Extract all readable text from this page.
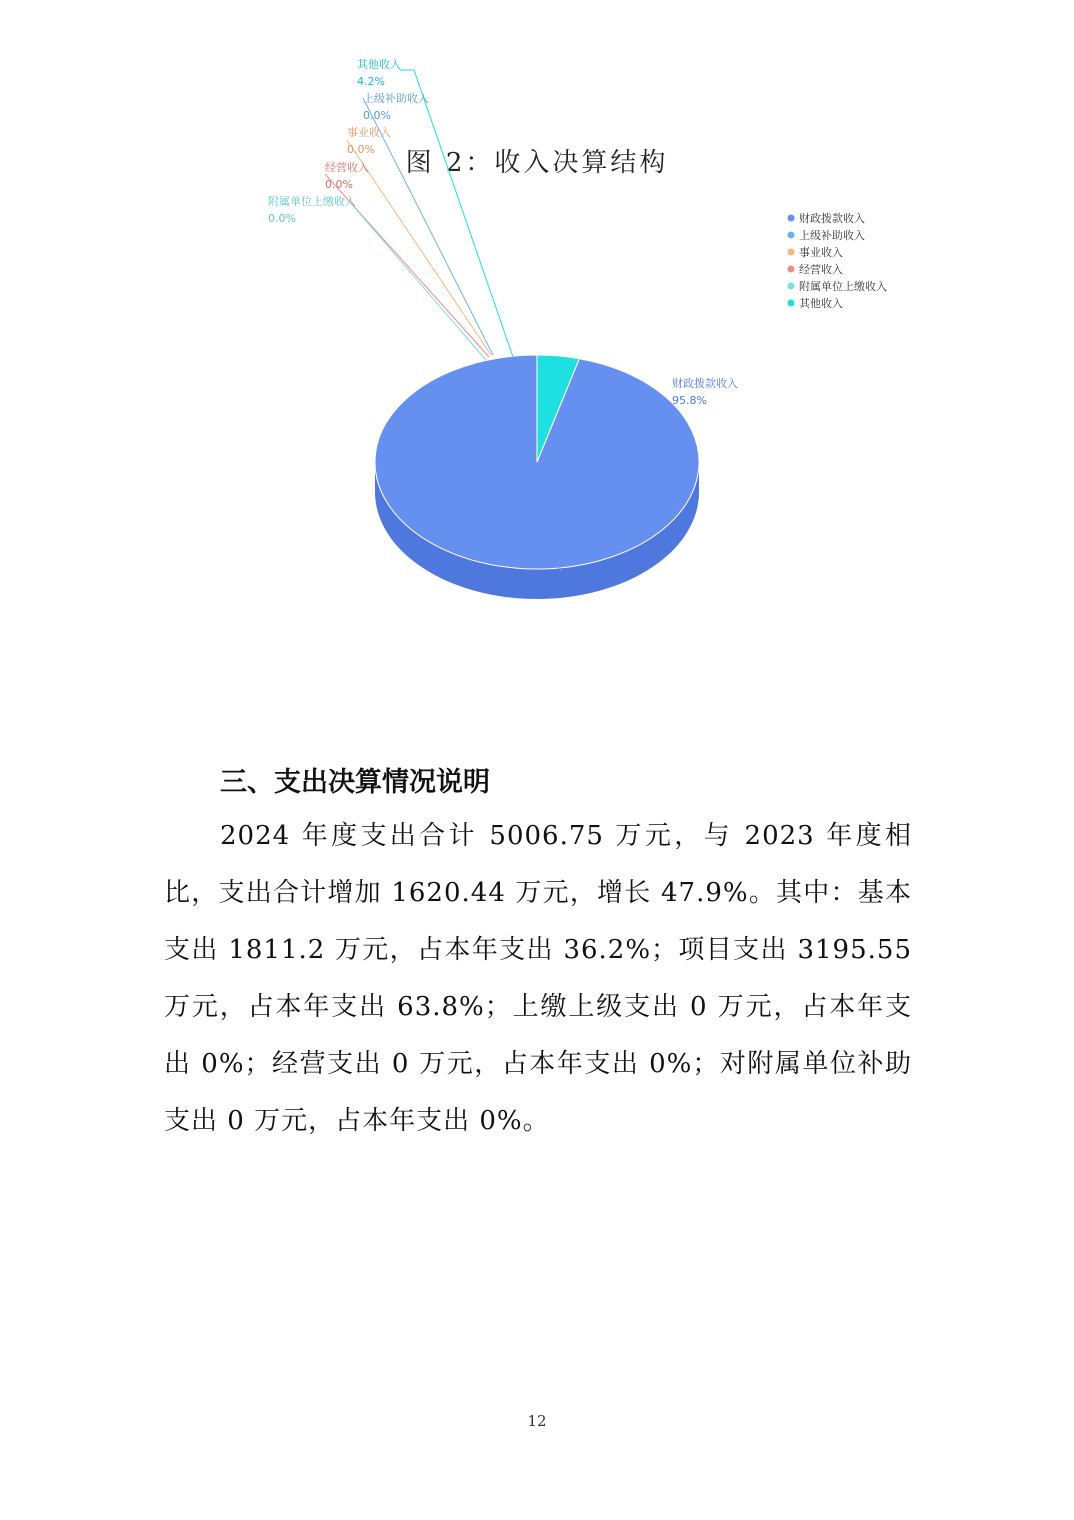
图 2：收入决算结构
财政拨款收入
95.8%
上级补助收入
0.0%
事业收入
0.0%
经营收入
0.0%
附属单位上缴收入
0.0%
其他收入
4.2%
财政拨款收入
上级补助收入
事业收入
经营收入
附属单位上缴收入
其他收入
三、支出决算情况说明
2024 年度支出合计 5006.75 万元，与 2023 年度相比，支出合计增加 1620.44 万元，增长 47.9%。其中：基本支出 1811.2 万元，占本年支出 36.2%；项目支出 3195.55 万元，占本年支出 63.8%；上缴上级支出 0 万元，占本年支出 0%；经营支出 0 万元，占本年支出 0%；对附属单位补助支出 0 万元，占本年支出 0%。
12
